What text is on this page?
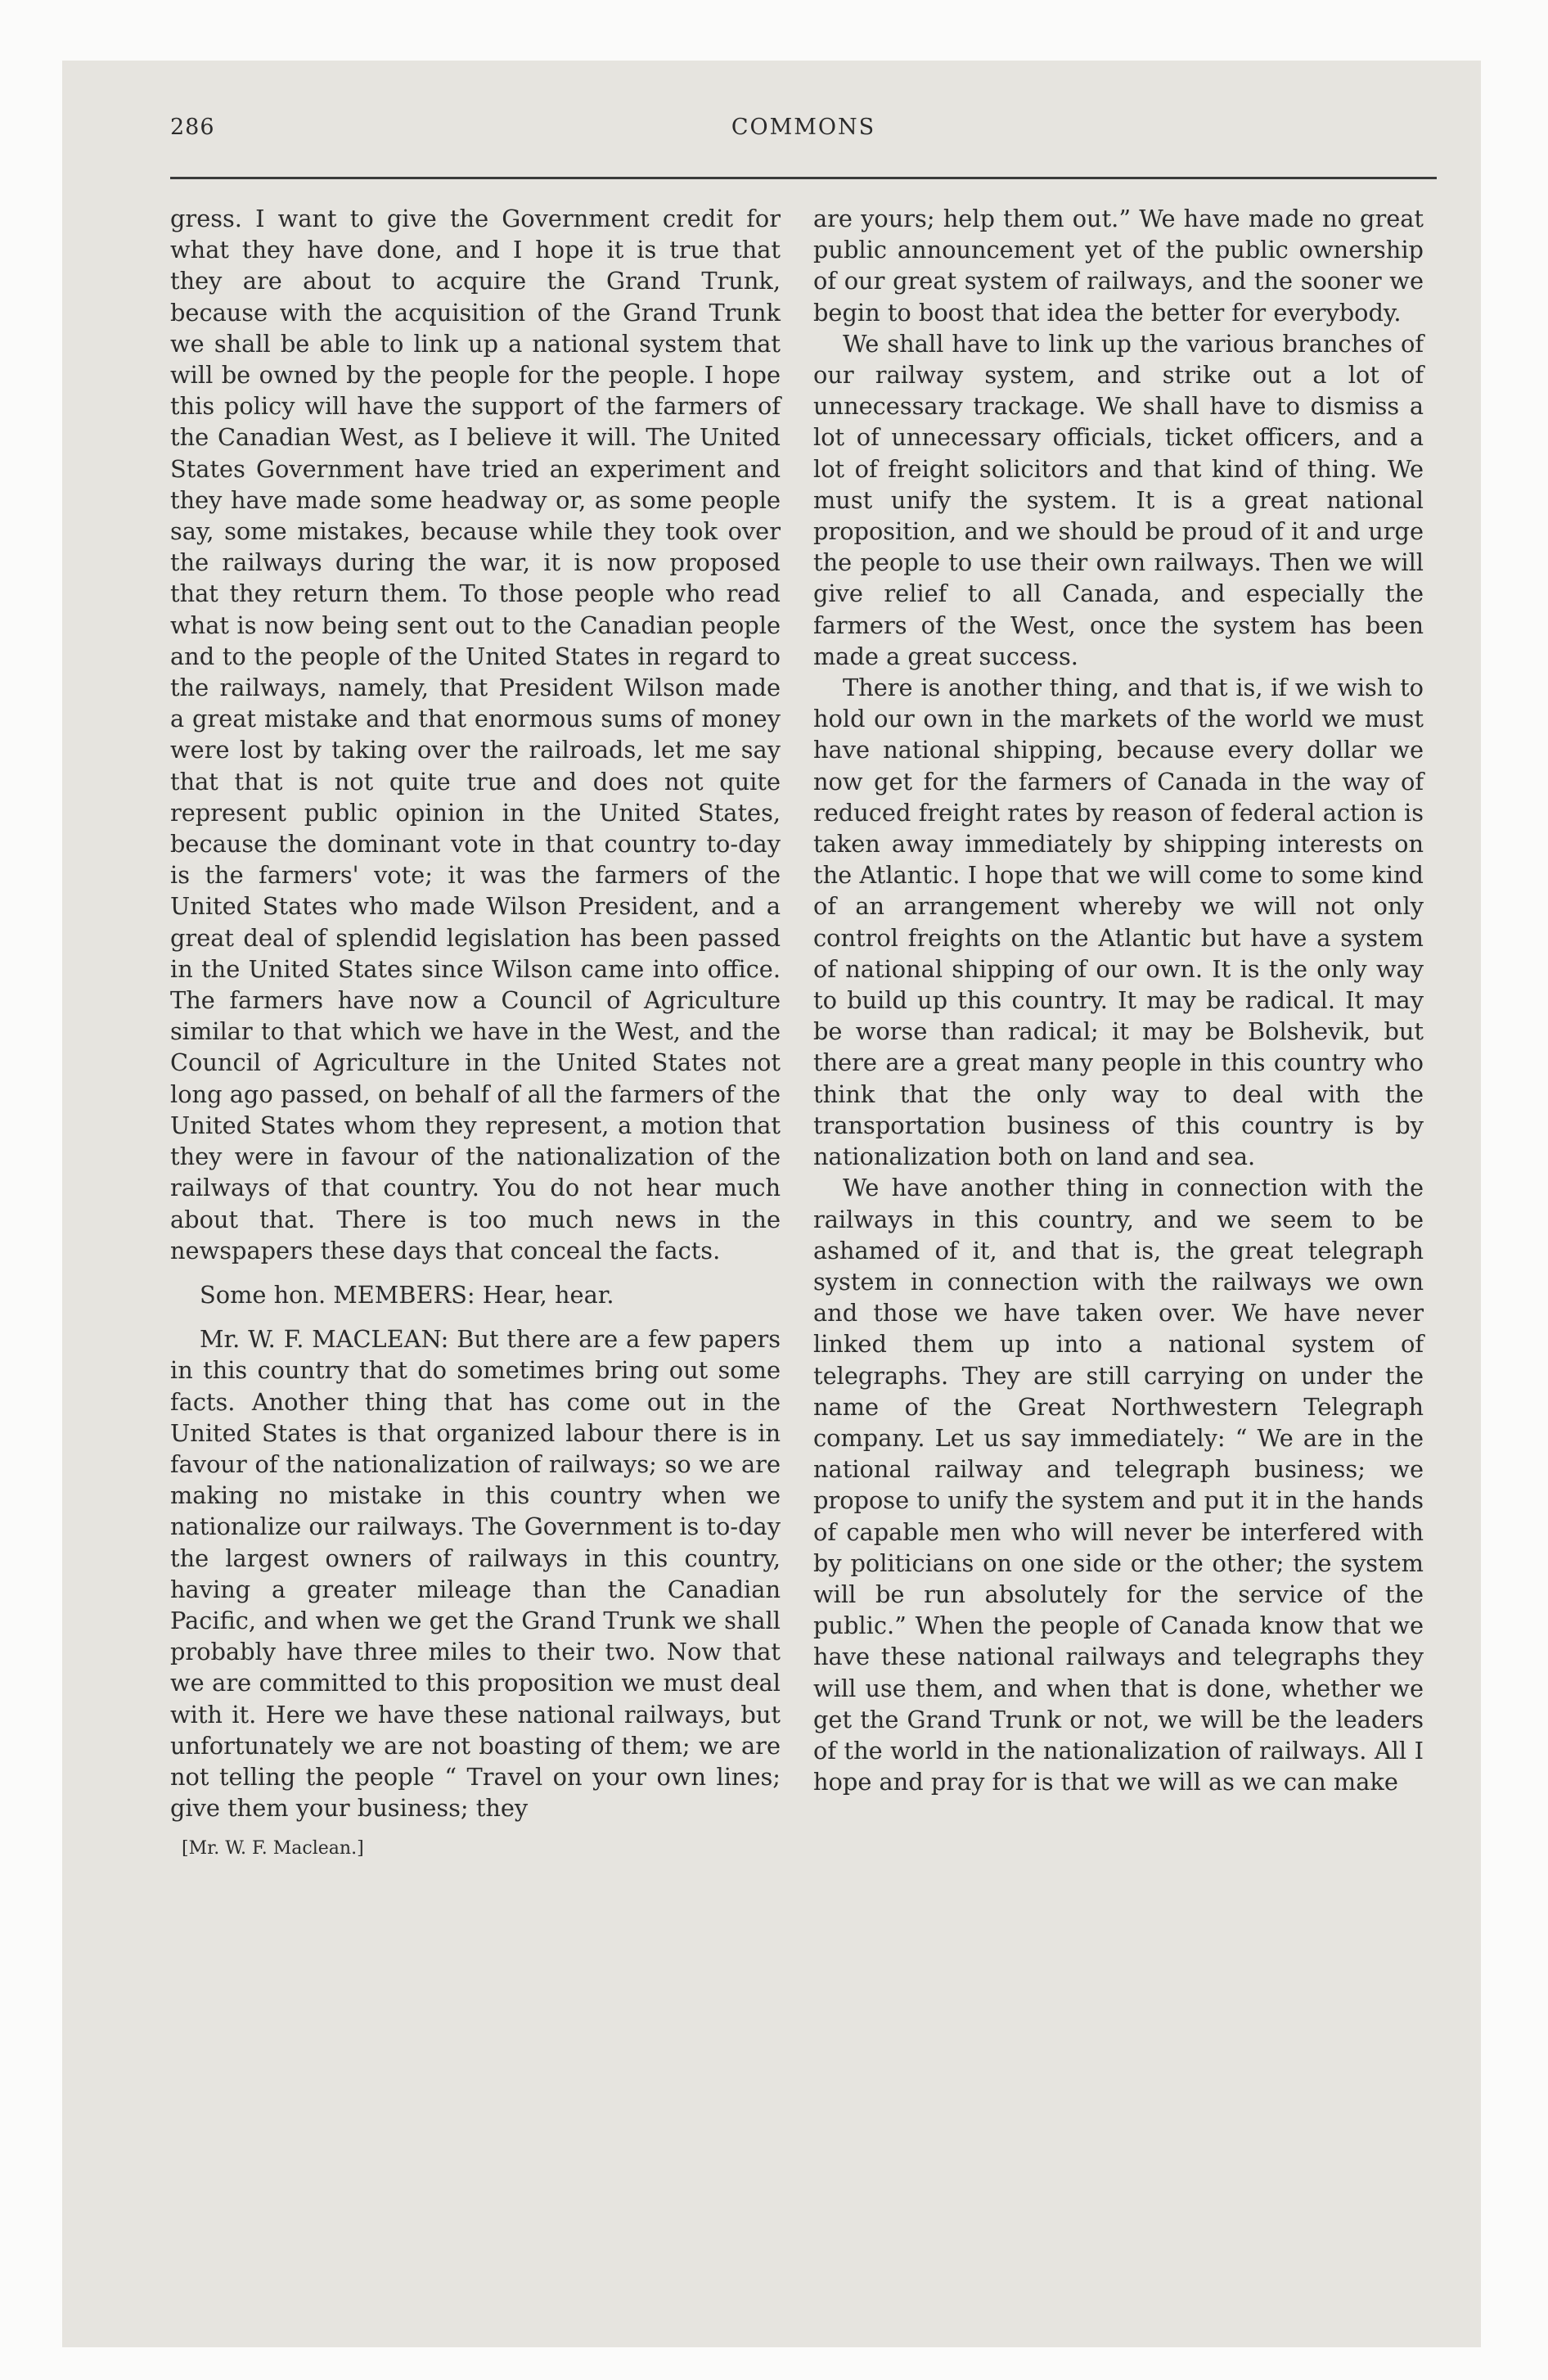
286	COMMONS

gress. I want to give the Government credit for what they have done, and I hope it is true that they are about to acquire the Grand Trunk, because with the acquisition of the Grand Trunk we shall be able to link up a national system that will be owned by the people for the people. I hope this policy will have the support of the farmers of the Canadian West, as I believe it will. The United States Government have tried an experiment and they have made some headway or, as some people say, some mistakes, because while they took over the railways during the war, it is now proposed that they return them. To those people who read what is now being sent out to the Canadian people and to the people of the United States in regard to the railways, namely, that President Wilson made a great mistake and that enormous sums of money were lost by taking over the railroads, let me say that that is not quite true and does not quite represent public opinion in the United States, because the dominant vote in that country to-day is the farmers' vote; it was the farmers of the United States who made Wilson President, and a great deal of splendid legislation has been passed in the United States since Wilson came into office. The farmers have now a Council of Agriculture similar to that which we have in the West, and the Council of Agriculture in the United States not long ago passed, on behalf of all the farmers of the United States whom they represent, a motion that they were in favour of the nationalization of the railways of that country. You do not hear much about that. There is too much news in the newspapers these days that conceal the facts.

Some hon. MEMBERS: Hear, hear.

Mr. W. F. MACLEAN: But there are a few papers in this country that do sometimes bring out some facts. Another thing that has come out in the United States is that organized labour there is in favour of the nationalization of railways; so we are making no mistake in this country when we nationalize our railways. The Government is to-day the largest owners of railways in this country, having a greater mileage than the Canadian Pacific, and when we get the Grand Trunk we shall probably have three miles to their two. Now that we are committed to this proposition we must deal with it. Here we have these national railways, but unfortunately we are not boasting of them; we are not telling the people “ Travel on your own lines; give them your business; they

[Mr. W. F. Maclean.]

are yours; help them out.” We have made no great public announcement yet of the public ownership of our great system of railways, and the sooner we begin to boost that idea the better for everybody.

We shall have to link up the various branches of our railway system, and strike out a lot of unnecessary trackage. We shall have to dismiss a lot of unnecessary officials, ticket officers, and a lot of freight solicitors and that kind of thing. We must unify the system. It is a great national proposition, and we should be proud of it and urge the people to use their own railways. Then we will give relief to all Canada, and especially the farmers of the West, once the system has been made a great success.

There is another thing, and that is, if we wish to hold our own in the markets of the world we must have national shipping, because every dollar we now get for the farmers of Canada in the way of reduced freight rates by reason of federal action is taken away immediately by shipping interests on the Atlantic. I hope that we will come to some kind of an arrangement whereby we will not only control freights on the Atlantic but have a system of national shipping of our own. It is the only way to build up this country. It may be radical. It may be worse than radical; it may be Bolshevik, but there are a great many people in this country who think that the only way to deal with the transportation business of this country is by nationalization both on land and sea.

We have another thing in connection with the railways in this country, and we seem to be ashamed of it, and that is, the great telegraph system in connection with the railways we own and those we have taken over. We have never linked them up into a national system of telegraphs. They are still carrying on under the name of the Great Northwestern Telegraph company. Let us say immediately: “ We are in the national railway and telegraph business; we propose to unify the system and put it in the hands of capable men who will never be interfered with by politicians on one side or the other; the system will be run absolutely for the service of the public.” When the people of Canada know that we have these national railways and telegraphs they will use them, and when that is done, whether we get the Grand Trunk or not, we will be the leaders of the world in the nationalization of railways. All I hope and pray for is that we will as we can make
